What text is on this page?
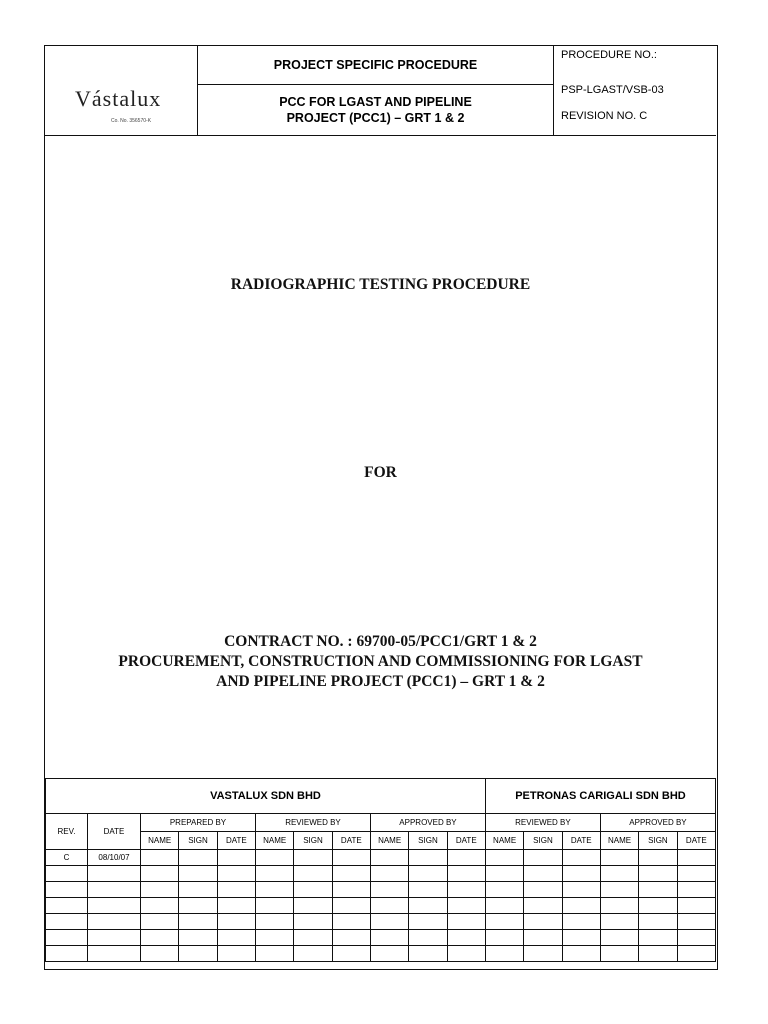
Vástalux
Co. No. 356570-K
PROJECT SPECIFIC PROCEDURE
PCC FOR LGAST AND PIPELINE
PROJECT (PCC1) – GRT 1 & 2
PROCEDURE NO.:
PSP-LGAST/VSB-03
REVISION NO. C
RADIOGRAPHIC TESTING PROCEDURE
FOR
CONTRACT NO. : 69700-05/PCC1/GRT 1 & 2
PROCUREMENT, CONSTRUCTION AND COMMISSIONING FOR LGAST
AND PIPELINE PROJECT (PCC1) – GRT 1 & 2
VASTALUX SDN BHD											PETRONAS CARIGALI SDN BHD					
REV.	DATE	PREPARED BY			REVIEWED BY			APPROVED BY			REVIEWED BY			APPROVED BY		
		NAME	SIGN	DATE	NAME	SIGN	DATE	NAME	SIGN	DATE	NAME	SIGN	DATE	NAME	SIGN	DATE
C	08/10/07															
